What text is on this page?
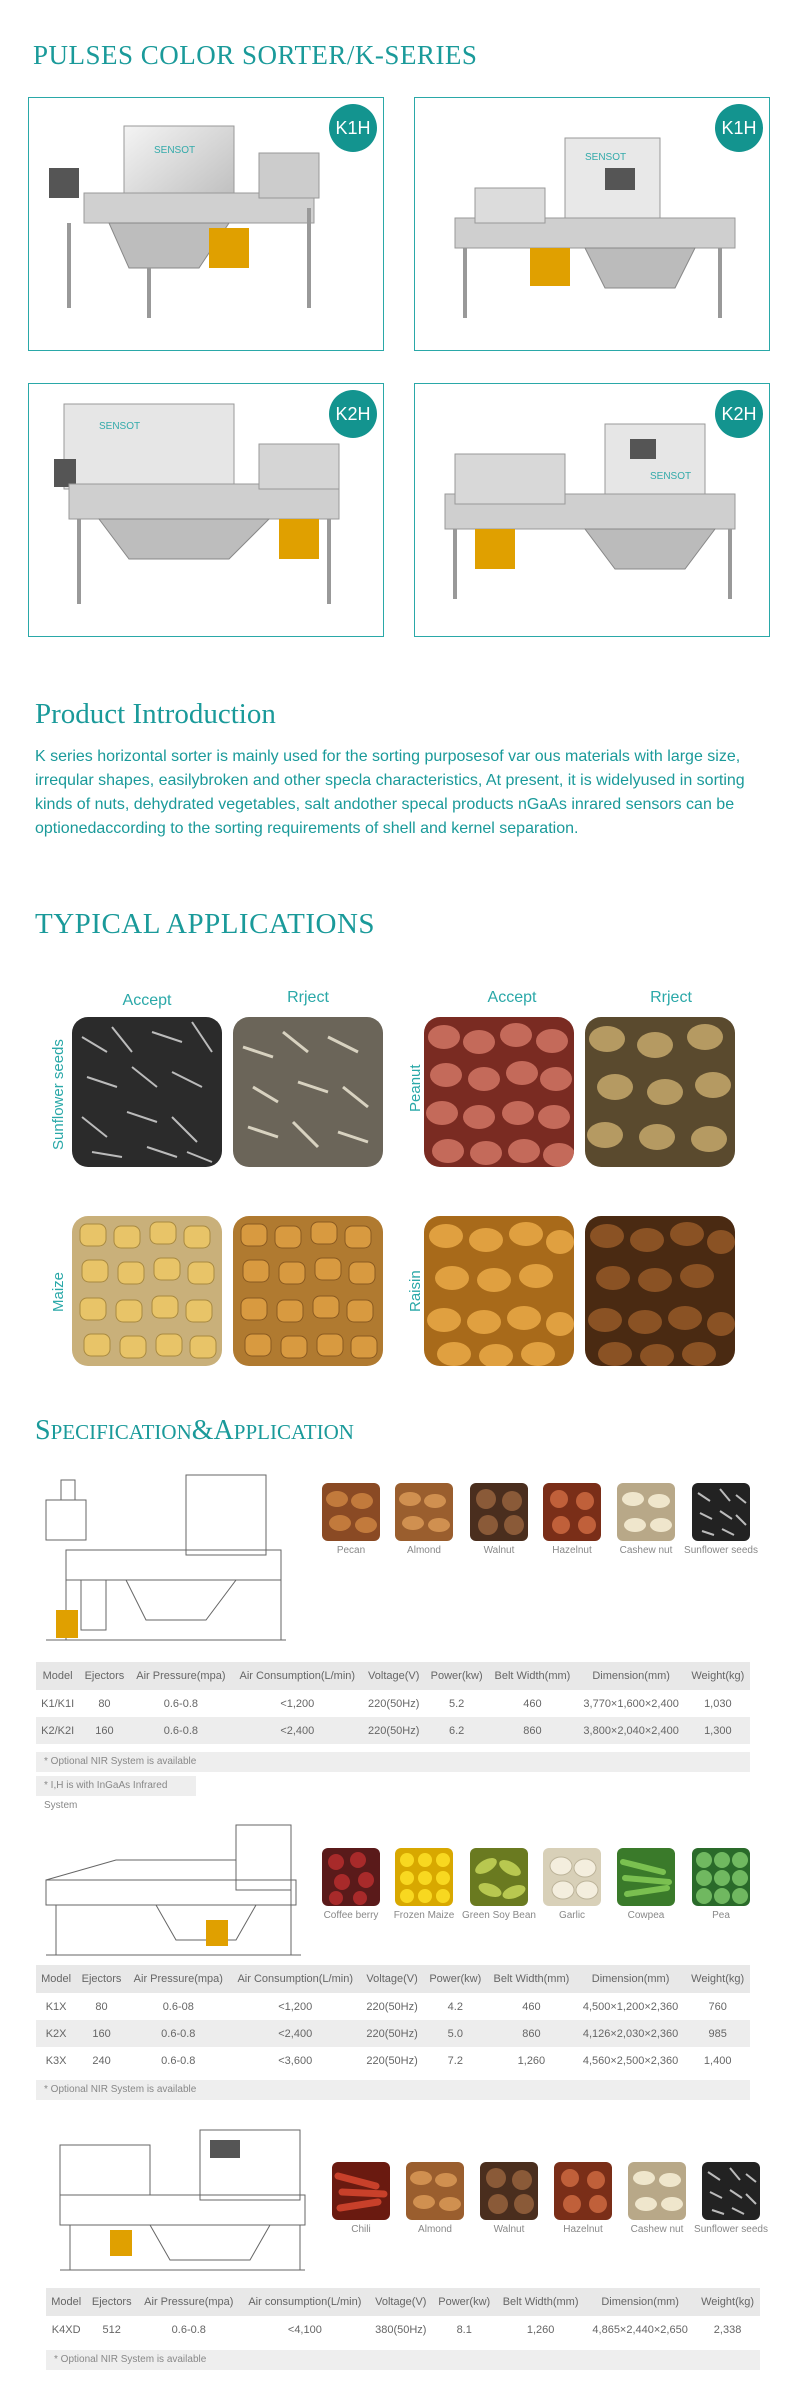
PULSES COLOR SORTER/K-SERIES
SENSOT
K1H
SENSOT
K1H
SENSOT
K2H
SENSOT
K2H
Product Introduction
K series horizontal sorter is mainly used for the sorting purposesof var ous materials with large size, irreqular shapes, easilybroken and other specla characteristics, At present, it is widelyused in sorting kinds of nuts, dehydrated vegetables, salt andother specal products nGaAs inrared sensors can be optionedaccording to the sorting requirements of shell and kernel separation.
TYPICAL APPLICATIONS
Accept	Rrject	Accept	Rrject
Sunflower seeds	Peanut
Maize	Raisin
SPECIFICATION&APPLICATION
Pecan	Almond	Walnut	Hazelnut	Cashew nut	Sunflower seeds
Model	Ejectors	Air Pressure(mpa)	Air Consumption(L/min)	Voltage(V)	Power(kw)	Belt Width(mm)	Dimension(mm)	Weight(kg)
K1/K1I	80	0.6-0.8	<1,200	220(50Hz)	5.2	460	3,770×1,600×2,400	1,030
K2/K2I	160	0.6-0.8	<2,400	220(50Hz)	6.2	860	3,800×2,040×2,400	1,300
* Optional NIR System is available
* I,H is with InGaAs Infrared System
Coffee berry	Frozen Maize Green Soy Bean	Garlic	Cowpea	Pea
Model	Ejectors	Air Pressure(mpa)	Air Consumption(L/min)	Voltage(V)	Power(kw)	Belt Width(mm)	Dimension(mm)	Weight(kg)
K1X	80	0.6-08	<1,200	220(50Hz)	4.2	460	4,500×1,200×2,360	760
K2X	160	0.6-0.8	<2,400	220(50Hz)	5.0	860	4,126×2,030×2,360	985
K3X	240	0.6-0.8	<3,600	220(50Hz)	7.2	1,260	4,560×2,500×2,360	1,400
* Optional NIR System is available
Chili	Almond	Walnut	Hazelnut	Cashew nut	Sunflower seeds
Model	Ejectors	Air Pressure(mpa)	Air consumption(L/min)	Voltage(V)	Power(kw)	Belt Width(mm)	Dimension(mm)	Weight(kg)
K4XD	512	0.6-0.8	<4,100	380(50Hz)	8.1	1,260	4,865×2,440×2,650	2,338
* Optional NIR System is available
